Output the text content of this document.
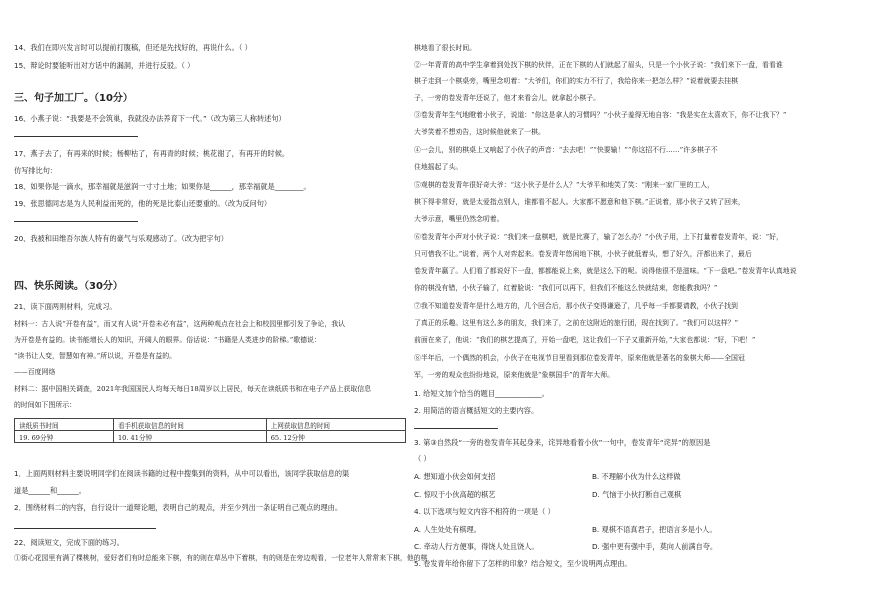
14、我们在即兴发言时可以提前打腹稿，但还是先找好的，再说什么。（ ）
15、辩论时要能听出对方话中的漏洞，并进行反驳。（ ）
三、句子加工厂。（10分）
16、小燕子说：“我要是不会筑巢，我就没办法养育下一代。”（改为第三人称转述句）
17、燕子去了，有再来的时候；杨柳枯了，有再青的时候；桃花谢了，有再开的时候。
仿写排比句：
18、如果你是一滴水，那幸福就是滋润一寸寸土地；如果你是______，那幸福就是________。
19、张思德同志是为人民利益而死的，他的死是比泰山还要重的。（改为反问句）
20、我被和田维吾尔族人特有的豪气与乐观感动了。（改为把字句）
四、快乐阅读。（30分）
21、读下面两则材料，完成习。
材料一：古人说“开卷有益”，而又有人说“开卷未必有益”，这两种观点在社会上和校园里都引发了争论，我认
为开卷是有益的。读书能增长人的知识，开阔人的眼界。俗话说：“书籍是人类进步的阶梯。”歌德说：
“读书让人变，智慧如有神。”所以说，开卷是有益的。
——百度网络
材料二：据中国相关调查，2021年我国国民人均每天每日18周岁以上居民，每天在读纸质书和在电子产品上获取信息
的时间如下图所示：
读纸质书时间	看手机获取信息的时间	上网获取信息的时间
19. 69分钟	10. 41分钟	65. 12分钟
1．上面两则材料主要说明同学们在阅读书籍的过程中搜集到的资料，从中可以看出，该同学获取信息的渠
道是______和______。
2．围绕材料二的内容，自行设计一道辩论题，表明自己的观点，并至少列出一条证明自己观点的理由。
22、阅读短文，完成下面的练习。
①街心花园里有满了棵桃树，爱好者们有时总能来下棋，有的则在草丛中下着棋，有的则是在旁边观看，一位老年人常常来下棋，他的棋
棋地看了很长时间。
②一年青青的高中学生拿着到处找下棋的伙伴，正在下棋的人们就起了眉头，只是一个小伙子说：“我们来下一盘，看看谁
棋子走到一个棋桌旁，嘴里念叨着：“大爷们，你们的实力不行了，我给你来一把怎么样？”说着就要去挂棋
子，一旁的卷发青年还说了，他才来看会儿，就拿起小棋子。
③卷发青年生气地瞪着小伙子，说道：“你这是拿人的习惯吗？”小伙子羞得无地自容：“我是实在太喜欢下，你不让我下？”
大爷笑着不想劝告，这时候他就来了一棋。
④一会儿，别的棋桌上又响起了小伙子的声音：“去去吧！”“快要输！”“你这招不行……”许多棋子不
住地摇起了头。
⑤观棋的卷发青年很好奇大爷：“这小伙子是什么人？”大爷平和地笑了笑：“刚来一家厂里的工人，
棋下得非常好，就是太爱指点别人，谁都看不起人。大家都不愿意和他下棋。”正说着，那小伙子又转了回来，
大爷示意，嘴里仍然念叨着。
⑥卷发青年小声对小伙子说：“我们来一盘棋吧，就是比赛了，输了怎么办？”小伙子用，上下打量着卷发青年，说：“好，
只可惜我不让。”说着，两个人对弈起来。卷发青年悠闲地下棋，小伙子就低着头，想了好久，汗都出来了，最后
卷发青年赢了。人们看了都说好下一盘，都都能说上来，就是这么下的呢。说得他很不是滋味。“下一盘吧。”卷发青年认真地说
你的棋没有错，小伙子输了，红着脸说：“我们可以再下，但我们不能这么快就结束，您能教我吗？”
⑦我不知道卷发青年是什么地方的，几个回合后，那小伙子变得谦逊了，几乎每一手都要请教，小伙子找到
了真正的乐趣。这里有这么多的朋友，我们来了，之前在这附近的旅行团，现在找到了。“我们可以这样？”
前面在来了，他说：“我们的棋艺提高了，开始一盘吧，这让我们一下子又重新开始，”大家也都说：“好，下吧！”
⑧半年后，一个偶然的机会，小伙子在电视节目里看到那位卷发青年，原来他就是著名的象棋大师——全国冠
军，一旁的观众也纷纷地说，原来他就是“象棋国手”的青年大师。
1. 给短文加个恰当的题目_____________。
2. 用简洁的语言概括短文的主要内容。
3. 第③自然段“一旁的卷发青年其起身来，诧异地看着小伙”一句中，卷发青年“诧异”的原因是
（ ）
A. 想知道小伙会如何支招	B. 不理解小伙为什么这样做
C. 惊叹于小伙高超的棋艺	D. 气恼于小伙打断自己观棋
4. 以下选项与短文内容不相符的一项是（ ）
A. 人生处处有棋理。	B. 观棋不语真君子，把语言多是小人。
C. 牵动人行方便事，得饶人处且饶人。	D. 强中更有强中手，莫向人前满自夸。
5. 卷发青年给你留下了怎样的印象？结合短文，至少说明两点理由。
